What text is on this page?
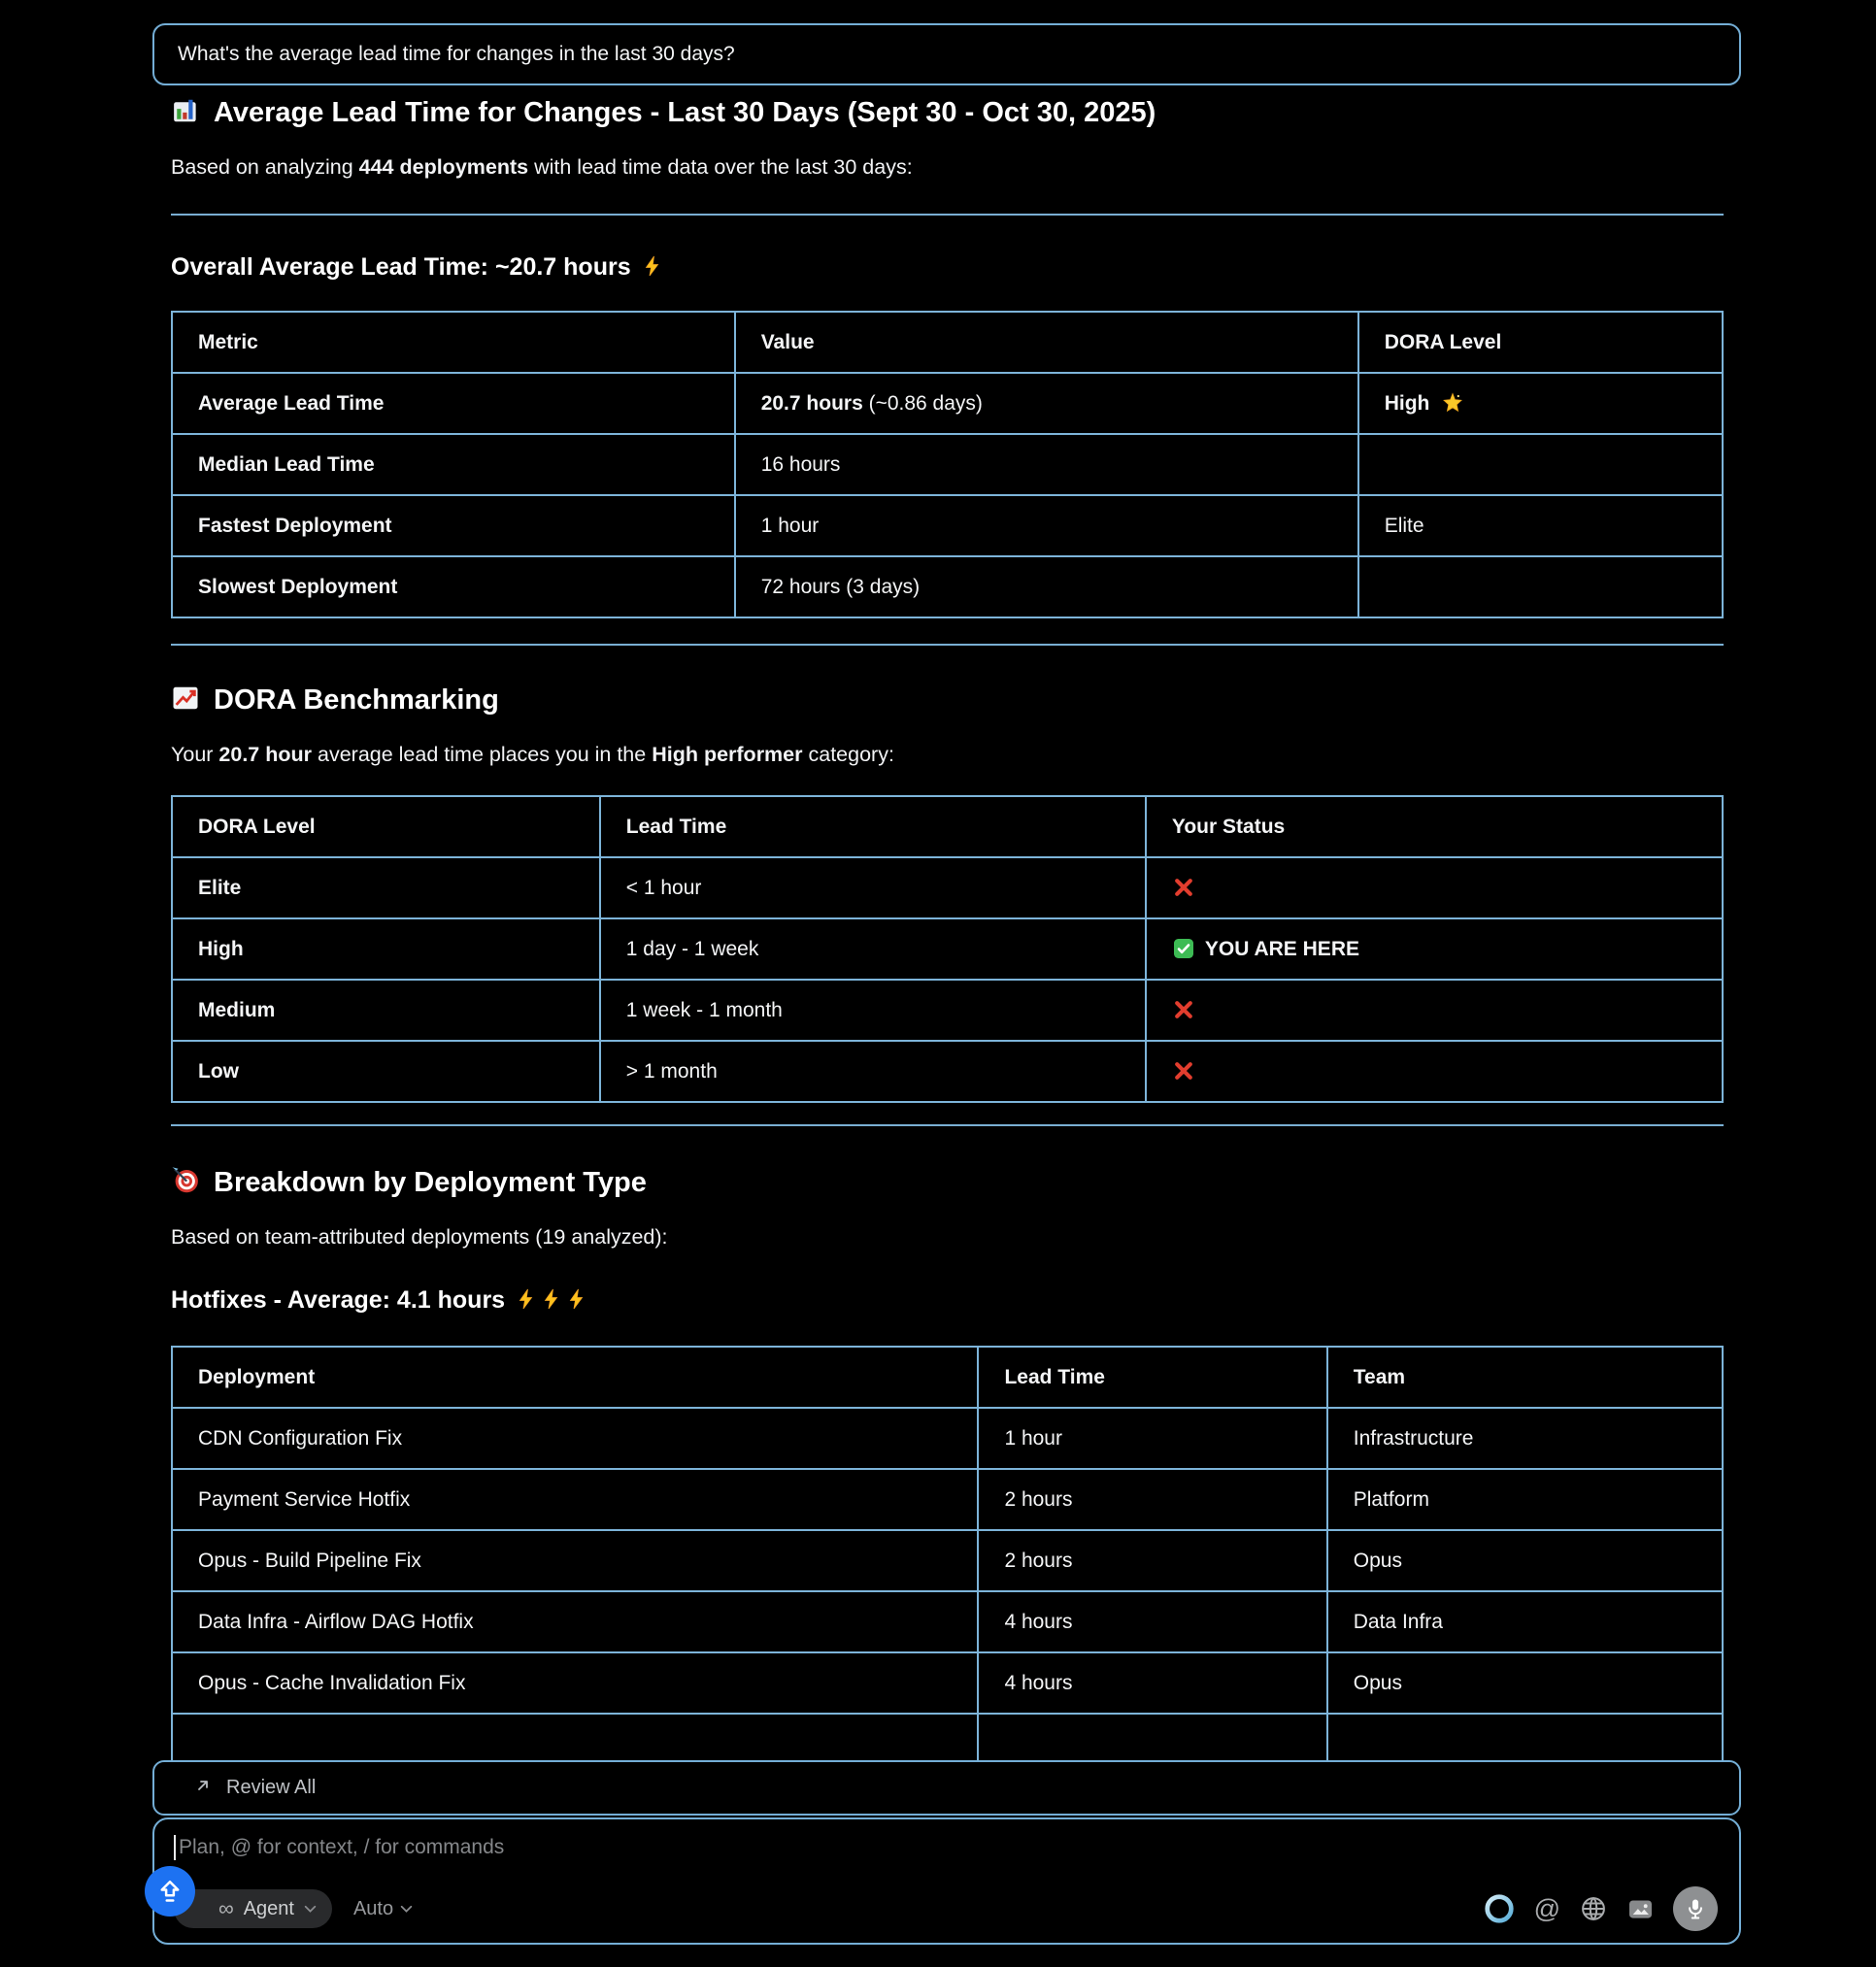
What's the average lead time for changes in the last 30 days?
Average Lead Time for Changes - Last 30 Days (Sept 30 - Oct 30, 2025)

Based on analyzing 444 deployments with lead time data over the last 30 days:

Overall Average Lead Time: ~20.7 hours
Metric	Value	DORA Level
Average Lead Time	20.7 hours (~0.86 days)	High
Median Lead Time	16 hours	
Fastest Deployment	1 hour	Elite
Slowest Deployment	72 hours (3 days)	
DORA Benchmarking

Your 20.7 hour average lead time places you in the High performer category:

DORA Level	Lead Time	Your Status
Elite	< 1 hour	
High	1 day - 1 week	YOU ARE HERE
Medium	1 week - 1 month	
Low	> 1 month	
Breakdown by Deployment Type

Based on team-attributed deployments (19 analyzed):

Hotfixes - Average: 4.1 hours
Deployment	Lead Time	Team
CDN Configuration Fix	1 hour	Infrastructure
Payment Service Hotfix	2 hours	Platform
Opus - Build Pipeline Fix	2 hours	Opus
Data Infra - Airflow DAG Hotfix	4 hours	Data Infra
Opus - Cache Invalidation Fix	4 hours	Opus

Review All
Plan, @ for context, / for commands
∞ Agent	Auto	@
